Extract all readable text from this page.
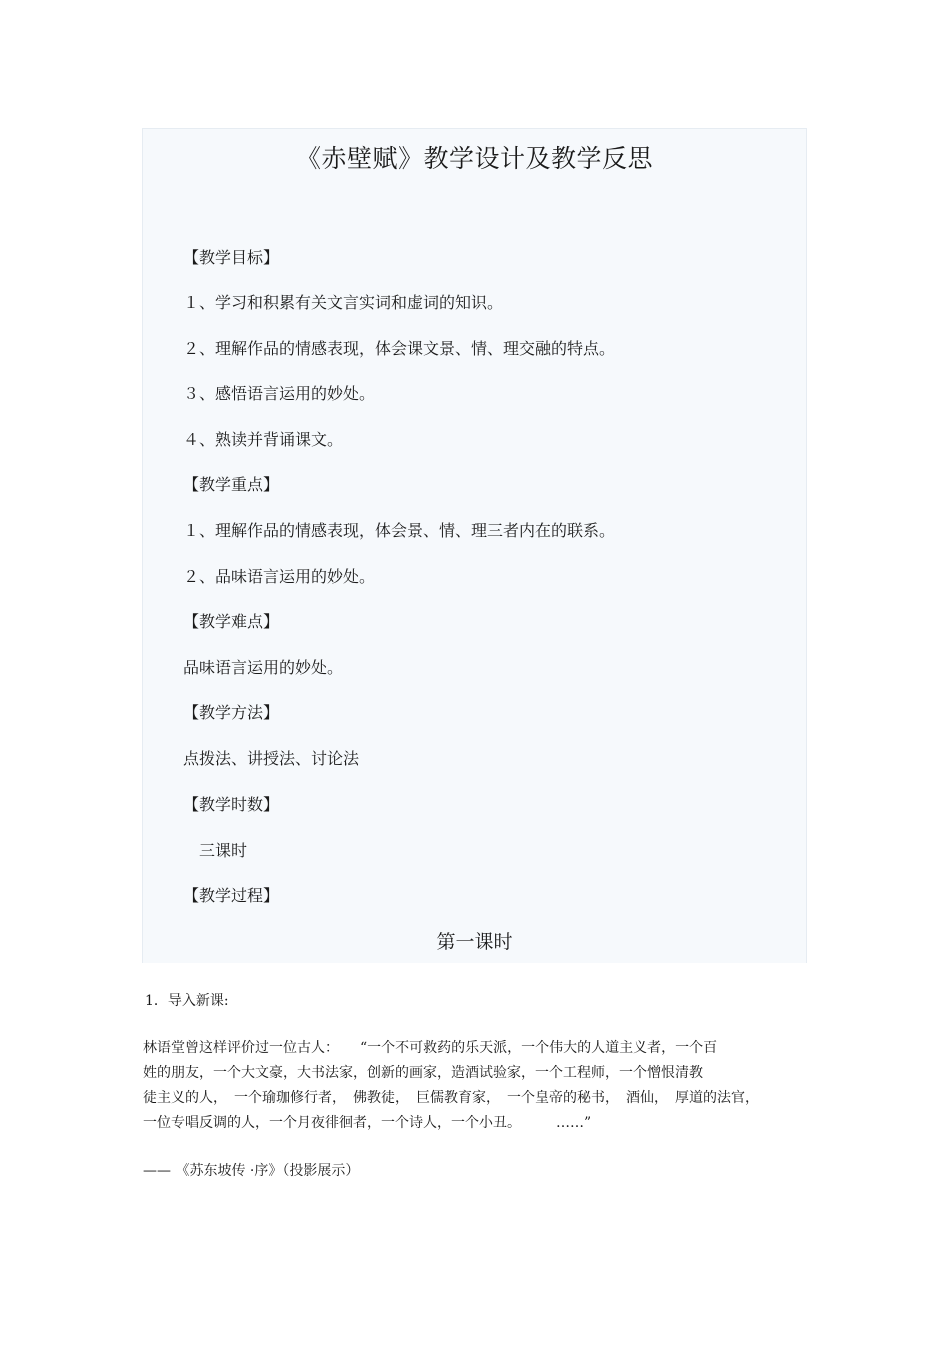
《赤壁赋》教学设计及教学反思
【教学目标】
１、学习和积累有关文言实词和虚词的知识。
２、理解作品的情感表现，体会课文景、情、理交融的特点。
３、感悟语言运用的妙处。
４、熟读并背诵课文。
【教学重点】
１、理解作品的情感表现，体会景、情、理三者内在的联系。
２、品味语言运用的妙处。
【教学难点】
品味语言运用的妙处。
【教学方法】
点拨法、讲授法、讨论法
【教学时数】
三课时
【教学过程】
第一课时
1．导入新课:
林语堂曾这样评价过一位古人：　　“一个不可救药的乐天派，一个伟大的人道主义者，一个百
姓的朋友，一个大文豪，大书法家，创新的画家，造酒试验家，一个工程师，一个憎恨清教
徒主义的人，　一个瑜珈修行者，　佛教徒，　巨儒教育家，　一个皇帝的秘书，　酒仙，　厚道的法官，
一位专唱反调的人，一个月夜徘徊者，一个诗人，一个小丑。　　　……”
—— 《苏东坡传 ·序》（投影展示）
